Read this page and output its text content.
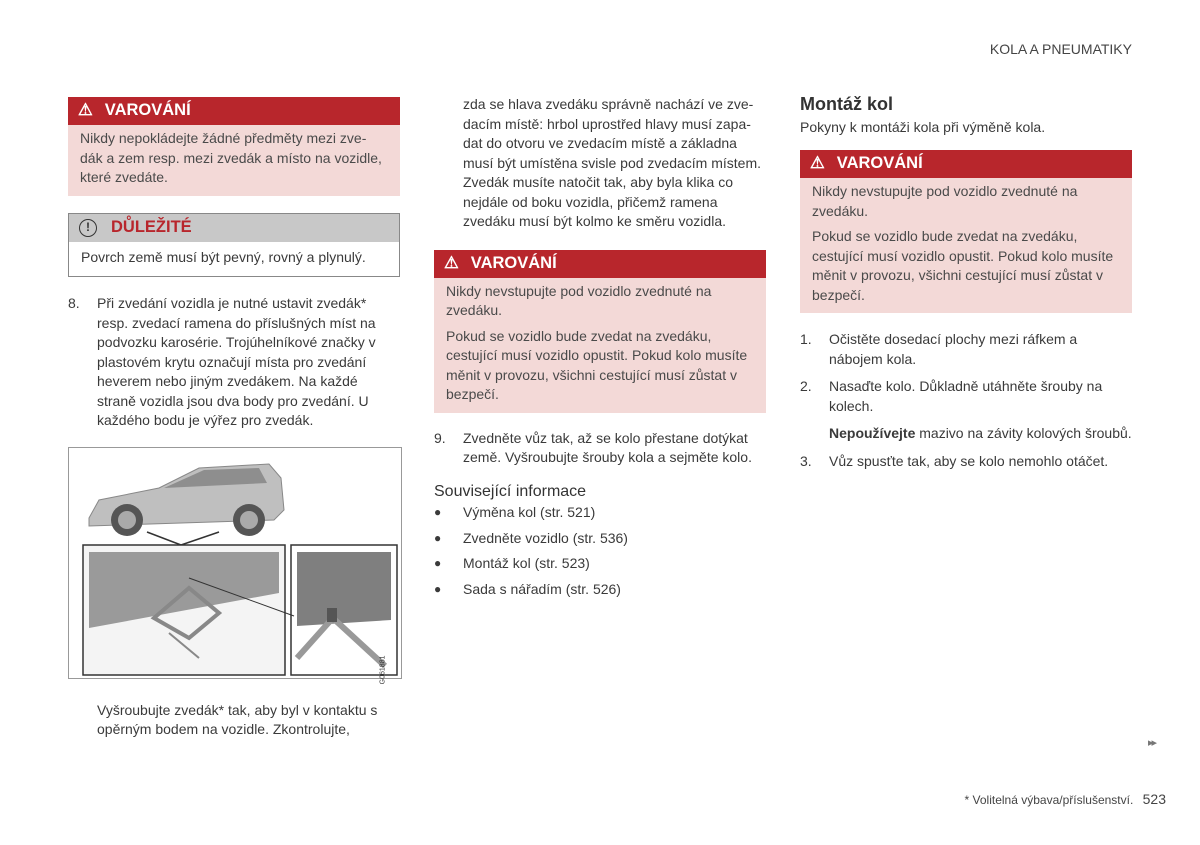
KOLA A PNEUMATIKY
⚠ VAROVÁNÍ

Nikdy nepokládejte žádné předměty mezi zve-dák a zem resp. mezi zvedák a místo na vozidle, které zvedáte.

!	DŮLEŽITÉ
Povrch země musí být pevný, rovný a plynulý.
8.	Při zvedání vozidla je nutné ustavit zvedák* resp. zvedací ramena do příslušných míst na podvozku karosérie. Trojúhelníkové značky v plastovém krytu označují místa pro zvedání heverem nebo jiným zvedákem. Na každé straně vozidla jsou dva body pro zvedání. U každého bodu je výřez pro zvedák.

G061881

Vyšroubujte zvedák* tak, aby byl v kontaktu s opěrným bodem na vozidle. Zkontrolujte,

zda se hlava zvedáku správně nachází ve zve-dacím místě: hrbol uprostřed hlavy musí zapa-dat do otvoru ve zvedacím místě a základna musí být umístěna svisle pod zvedacím místem. Zvedák musíte natočit tak, aby byla klika co nejdále od boku vozidla, přičemž ramena zvedáku musí být kolmo ke směru vozidla.

⚠ VAROVÁNÍ

Nikdy nevstupujte pod vozidlo zvednuté na zvedáku.

Pokud se vozidlo bude zvedat na zvedáku, cestující musí vozidlo opustit. Pokud kolo musíte měnit v provozu, všichni cestující musí zůstat v bezpečí.

9.	Zvedněte vůz tak, až se kolo přestane dotýkat země. Vyšroubujte šrouby kola a sejměte kolo.

Související informace
●	Výměna kol (str. 521)
●	Zvedněte vozidlo (str. 536)
●	Montáž kol (str. 523)
●	Sada s nářadím (str. 526)
Montáž kol

Pokyny k montáži kola při výměně kola.

⚠ VAROVÁNÍ

Nikdy nevstupujte pod vozidlo zvednuté na zvedáku.

Pokud se vozidlo bude zvedat na zvedáku, cestující musí vozidlo opustit. Pokud kolo musíte měnit v provozu, všichni cestující musí zůstat v bezpečí.

1.	Očistěte dosedací plochy mezi ráfkem a nábojem kola.

2.	Nasaďte kolo. Důkladně utáhněte šrouby na kolech.

Nepoužívejte mazivo na závity kolových šroubů.

3.	Vůz spusťte tak, aby se kolo nemohlo otáčet.

▸▸
* Volitelná výbava/příslušenství. 523
